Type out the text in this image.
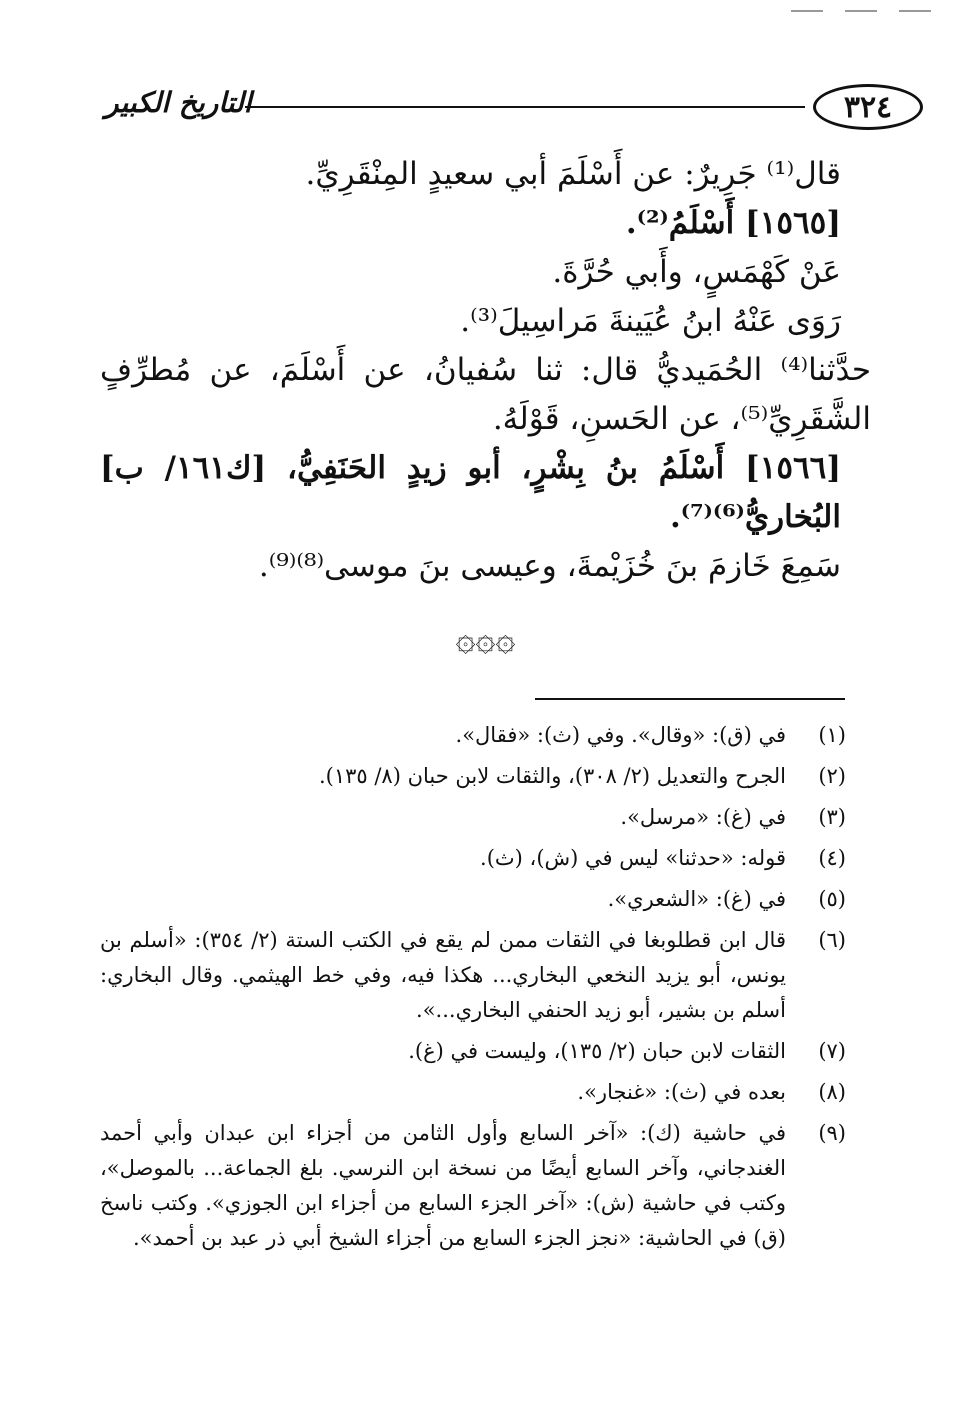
٣٢٤
التاريخ الكبير

قال⁽¹⁾ جَرِيرٌ: عن أَسْلَمَ أبي سعيدٍ المِنْقَرِيِّ.

[١٥٦٥] أَسْلَمُ⁽²⁾.

عَنْ كَهْمَسٍ، وأَبي حُرَّةَ.

رَوَى عَنْهُ ابنُ عُيَينةَ مَراسِيلَ⁽³⁾.

حدَّثنا⁽⁴⁾ الحُمَيديُّ قال: ثنا سُفيانُ، عن أَسْلَمَ، عن مُطرِّفٍ الشَّقَرِيِّ⁽⁵⁾، عن الحَسنِ، قَوْلَهُ.

[١٥٦٦] أَسْلَمُ بنُ بِشْرٍ، أبو زيدٍ الحَنَفِيُّ، [ك١٦١/ ب] البُخاريُّ⁽⁶⁾⁽⁷⁾.

سَمِعَ خَازمَ بنَ خُزَيْمةَ، وعيسى بنَ موسى⁽⁸⁾⁽⁹⁾.

۞۞۞
(١)
في (ق): «وقال». وفي (ث): «فقال».
(٢)
الجرح والتعديل (٢/ ٣٠٨)، والثقات لابن حبان (٨/ ١٣٥).
(٣)
في (غ): «مرسل».
(٤)
قوله: «حدثنا» ليس في (ش)، (ث).
(٥)
في (غ): «الشعري».
(٦)
قال ابن قطلوبغا في الثقات ممن لم يقع في الكتب الستة (٢/ ٣٥٤): «أسلم بن يونس، أبو يزيد النخعي البخاري... هكذا فيه، وفي خط الهيثمي. وقال البخاري: أسلم بن بشير، أبو زيد الحنفي البخاري...».
(٧)
الثقات لابن حبان (٢/ ١٣٥)، وليست في (غ).
(٨)
بعده في (ث): «غنجار».
(٩)
في حاشية (ك): «آخر السابع وأول الثامن من أجزاء ابن عبدان وأبي أحمد الغندجاني، وآخر السابع أيضًا من نسخة ابن النرسي. بلغ الجماعة... بالموصل»، وكتب في حاشية (ش): «آخر الجزء السابع من أجزاء ابن الجوزي». وكتب ناسخ (ق) في الحاشية: «نجز الجزء السابع من أجزاء الشيخ أبي ذر عبد بن أحمد».
